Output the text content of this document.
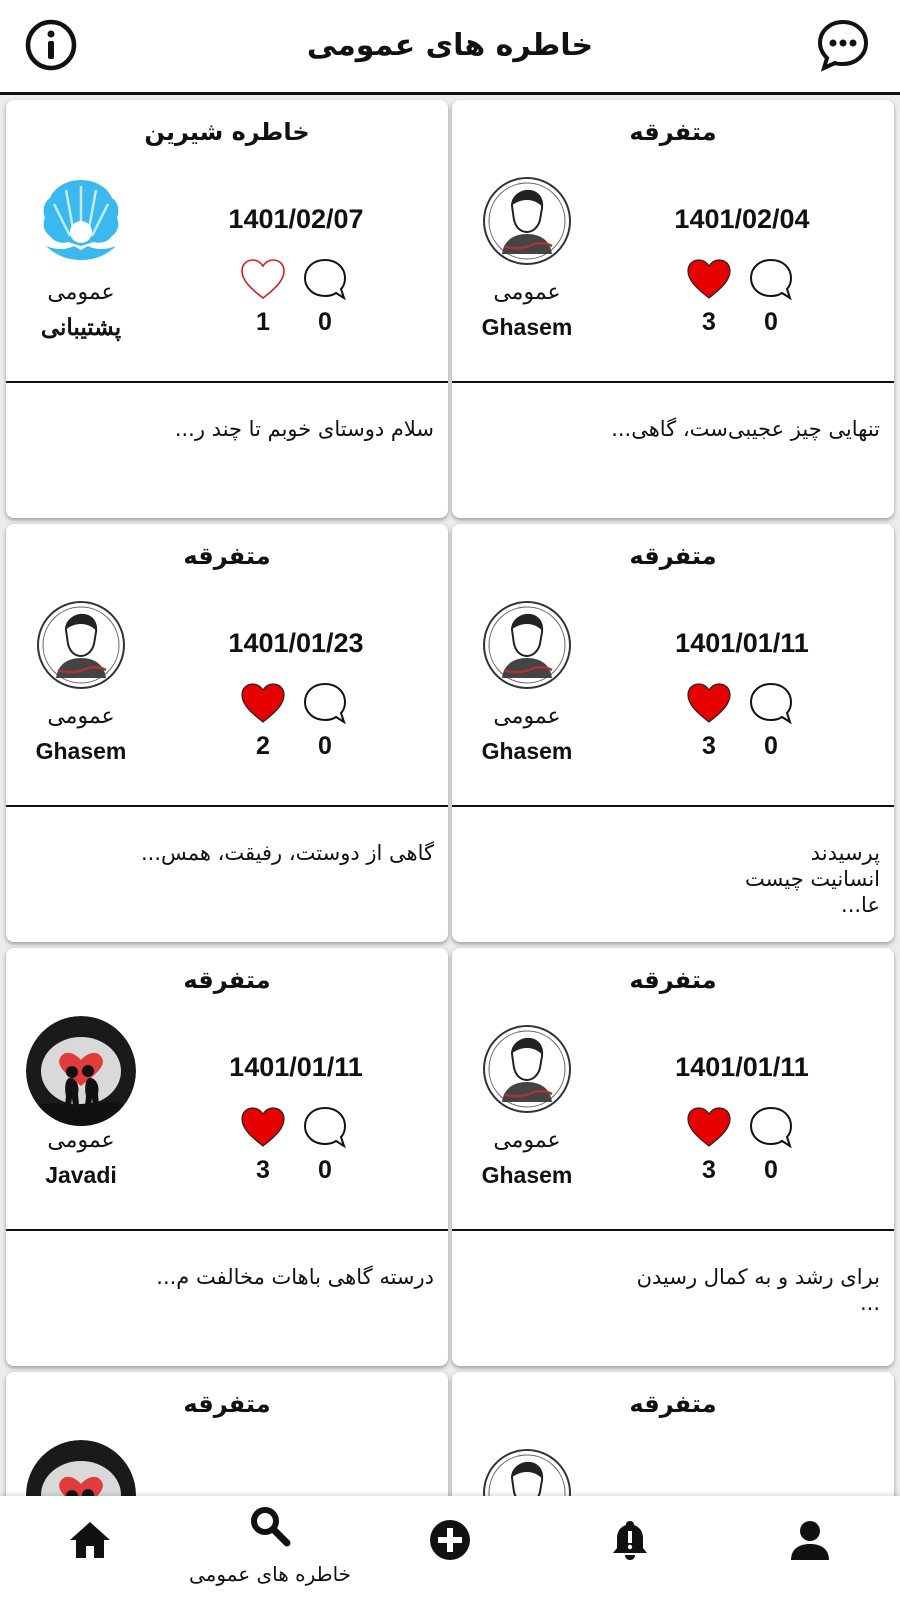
خاطره های عمومی
متفرقه
عمومی
Ghasem
1401/02/04
3	0
تنهایی چیز عجیبی‌ست، گاهی...
خاطره شیرین
عمومی
پشتیبانی
1401/02/07
1	0
سلام دوستای خوبم تا چند ر...
متفرقه
عمومی
Ghasem
1401/01/11
3	0
پرسیدند
انسانیت چیست
عا...
متفرقه
عمومی
Ghasem
1401/01/23
2	0
گاهی از دوستت، رفیقت، همس...
متفرقه
عمومی
Ghasem
1401/01/11
3	0
برای رشد و به کمال رسیدن
...
متفرقه
عمومی
Javadi
1401/01/11
3	0
درسته گاهی باهات مخالفت م...
متفرقه
متفرقه
خاطره های عمومی
